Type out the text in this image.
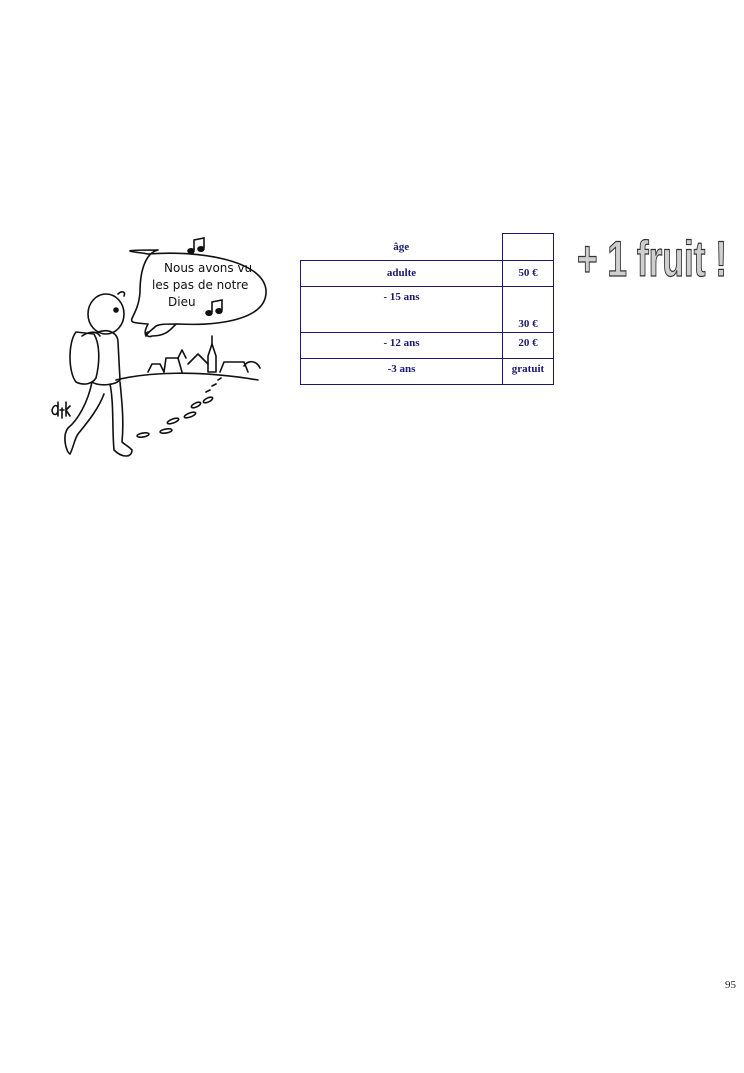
Nous avons vu
les pas de notre
Dieu
âge	
adulte	50 €
- 15 ans	30 €
- 12 ans	20 €
-3 ans	gratuit
+ 1 fruit !
95
